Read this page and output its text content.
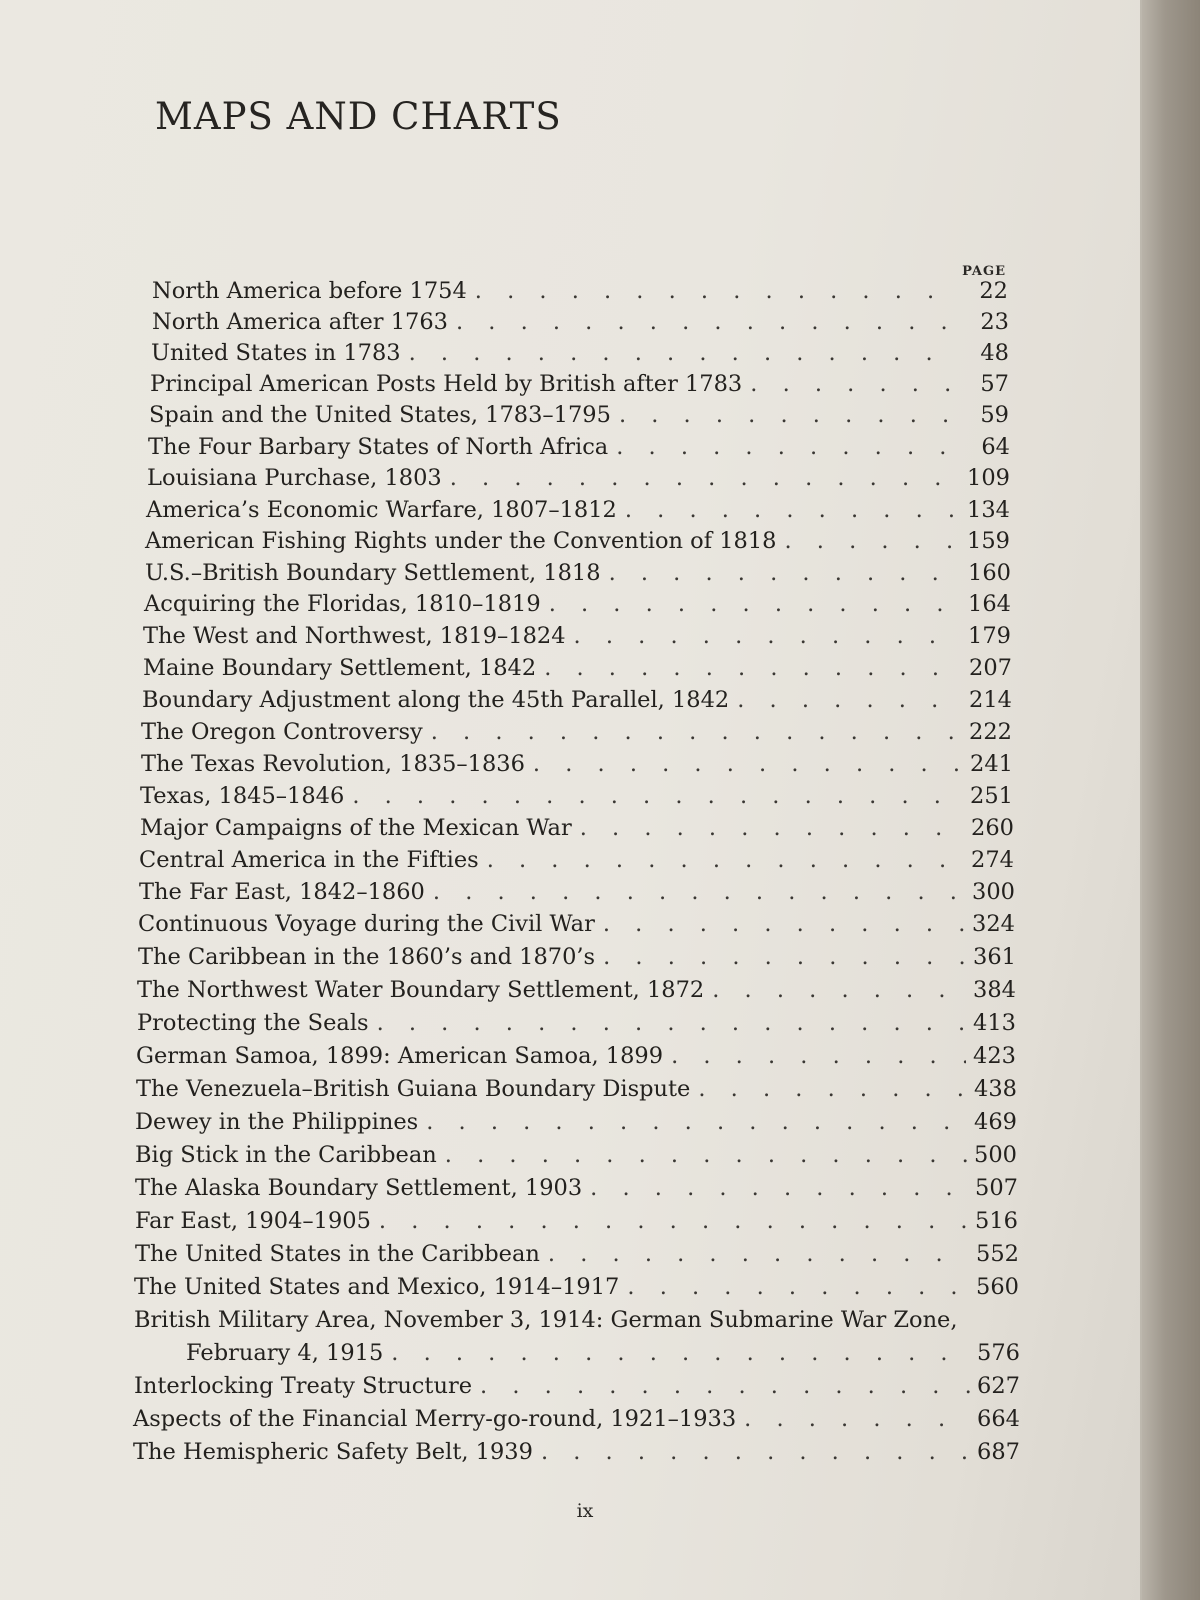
MAPS AND CHARTS
PAGE
North America before 1754 . . .	22
North America after 1763 . . .	23
United States in 1783 . . .	48
Principal American Posts Held by British after 1783 . . .	57
Spain and the United States, 1783–1795 . . .	59
The Four Barbary States of North Africa . . .	64
Louisiana Purchase, 1803 . . .	109
America’s Economic Warfare, 1807–1812 . . .	134
American Fishing Rights under the Convention of 1818 . . .	159
U.S.–British Boundary Settlement, 1818 . . .	160
Acquiring the Floridas, 1810–1819 . . .	164
The West and Northwest, 1819–1824 . . .	179
Maine Boundary Settlement, 1842 . . .	207
Boundary Adjustment along the 45th Parallel, 1842 . . .	214
The Oregon Controversy . . .	222
The Texas Revolution, 1835–1836 . . .	241
Texas, 1845–1846 . . .	251
Major Campaigns of the Mexican War . . .	260
Central America in the Fifties . . .	274
The Far East, 1842–1860 . . .	300
Continuous Voyage during the Civil War . . .	324
The Caribbean in the 1860’s and 1870’s . . .	361
The Northwest Water Boundary Settlement, 1872 . . .	384
Protecting the Seals . . .	413
German Samoa, 1899: American Samoa, 1899 . . .	423
The Venezuela–British Guiana Boundary Dispute . . .	438
Dewey in the Philippines . . .	469
Big Stick in the Caribbean . . .	500
The Alaska Boundary Settlement, 1903 . . .	507
Far East, 1904–1905 . . .	516
The United States in the Caribbean . . .	552
The United States and Mexico, 1914–1917 . . .	560
British Military Area, November 3, 1914: German Submarine War Zone,
February 4, 1915 . . .	576
Interlocking Treaty Structure . . .	627
Aspects of the Financial Merry-go-round, 1921–1933 . . .	664
The Hemispheric Safety Belt, 1939 . . .	687
ix
